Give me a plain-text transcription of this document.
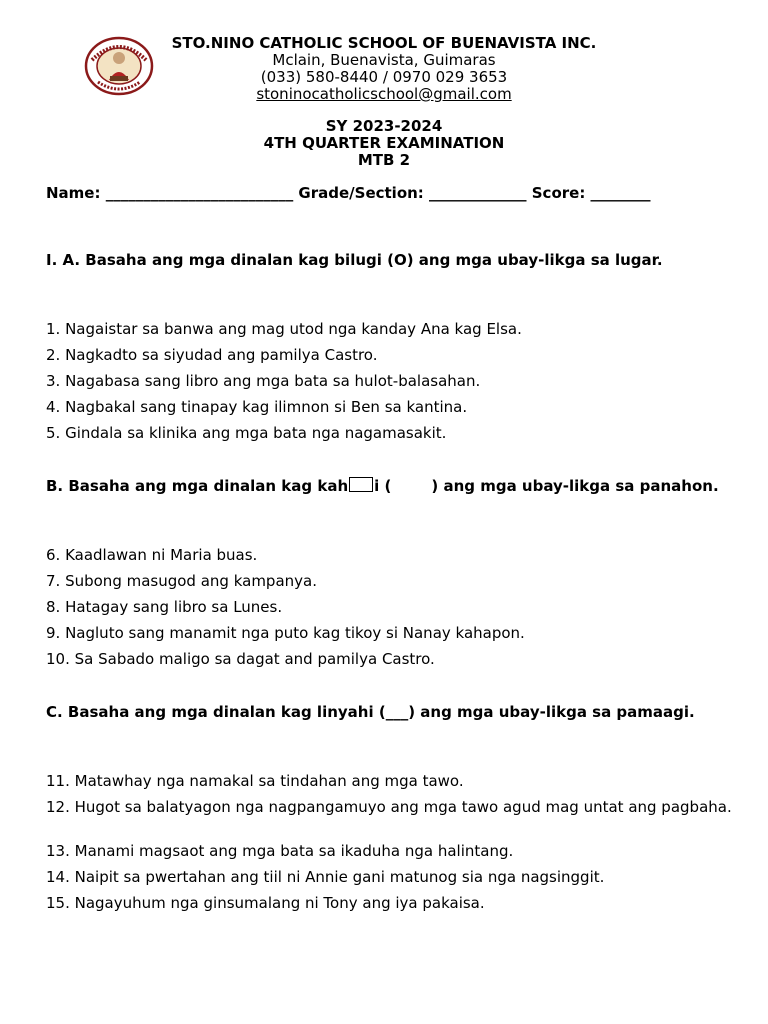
STO.NINO CATHOLIC SCHOOL OF BUENAVISTA INC.
Mclain, Buenavista, Guimaras
(033) 580-8440 / 0970 029 3653
stoninocatholicschool@gmail.com
SY 2023-2024
4TH QUARTER EXAMINATION
MTB 2
Name: _________________________ Grade/Section: _____________ Score: ________
I. A. Basaha ang mga dinalan kag bilugi (O) ang mga ubay-likga sa lugar.
1. Nagaistar sa banwa ang mag utod nga kanday Ana kag Elsa.
2. Nagkadto sa siyudad ang pamilya Castro.
3. Nagabasa sang libro ang mga bata sa hulot-balasahan.
4. Nagbakal sang tinapay kag ilimnon si Ben sa kantina.
5. Gindala sa klinika ang mga bata nga nagamasakit.
B. Basaha ang mga dinalan kag kah i (	) ang mga ubay-likga sa panahon.
6. Kaadlawan ni Maria buas.
7. Subong masugod ang kampanya.
8. Hatagay sang libro sa Lunes.
9. Nagluto sang manamit nga puto kag tikoy si Nanay kahapon.
10. Sa Sabado maligo sa dagat and pamilya Castro.
C. Basaha ang mga dinalan kag linyahi (___) ang mga ubay-likga sa pamaagi.
11. Matawhay nga namakal sa tindahan ang mga tawo.
12. Hugot sa balatyagon nga nagpangamuyo ang mga tawo agud mag untat ang pagbaha.
13. Manami magsaot ang mga bata sa ikaduha nga halintang.
14. Naipit sa pwertahan ang tiil ni Annie gani matunog sia nga nagsinggit.
15. Nagayuhum nga ginsumalang ni Tony ang iya pakaisa.
